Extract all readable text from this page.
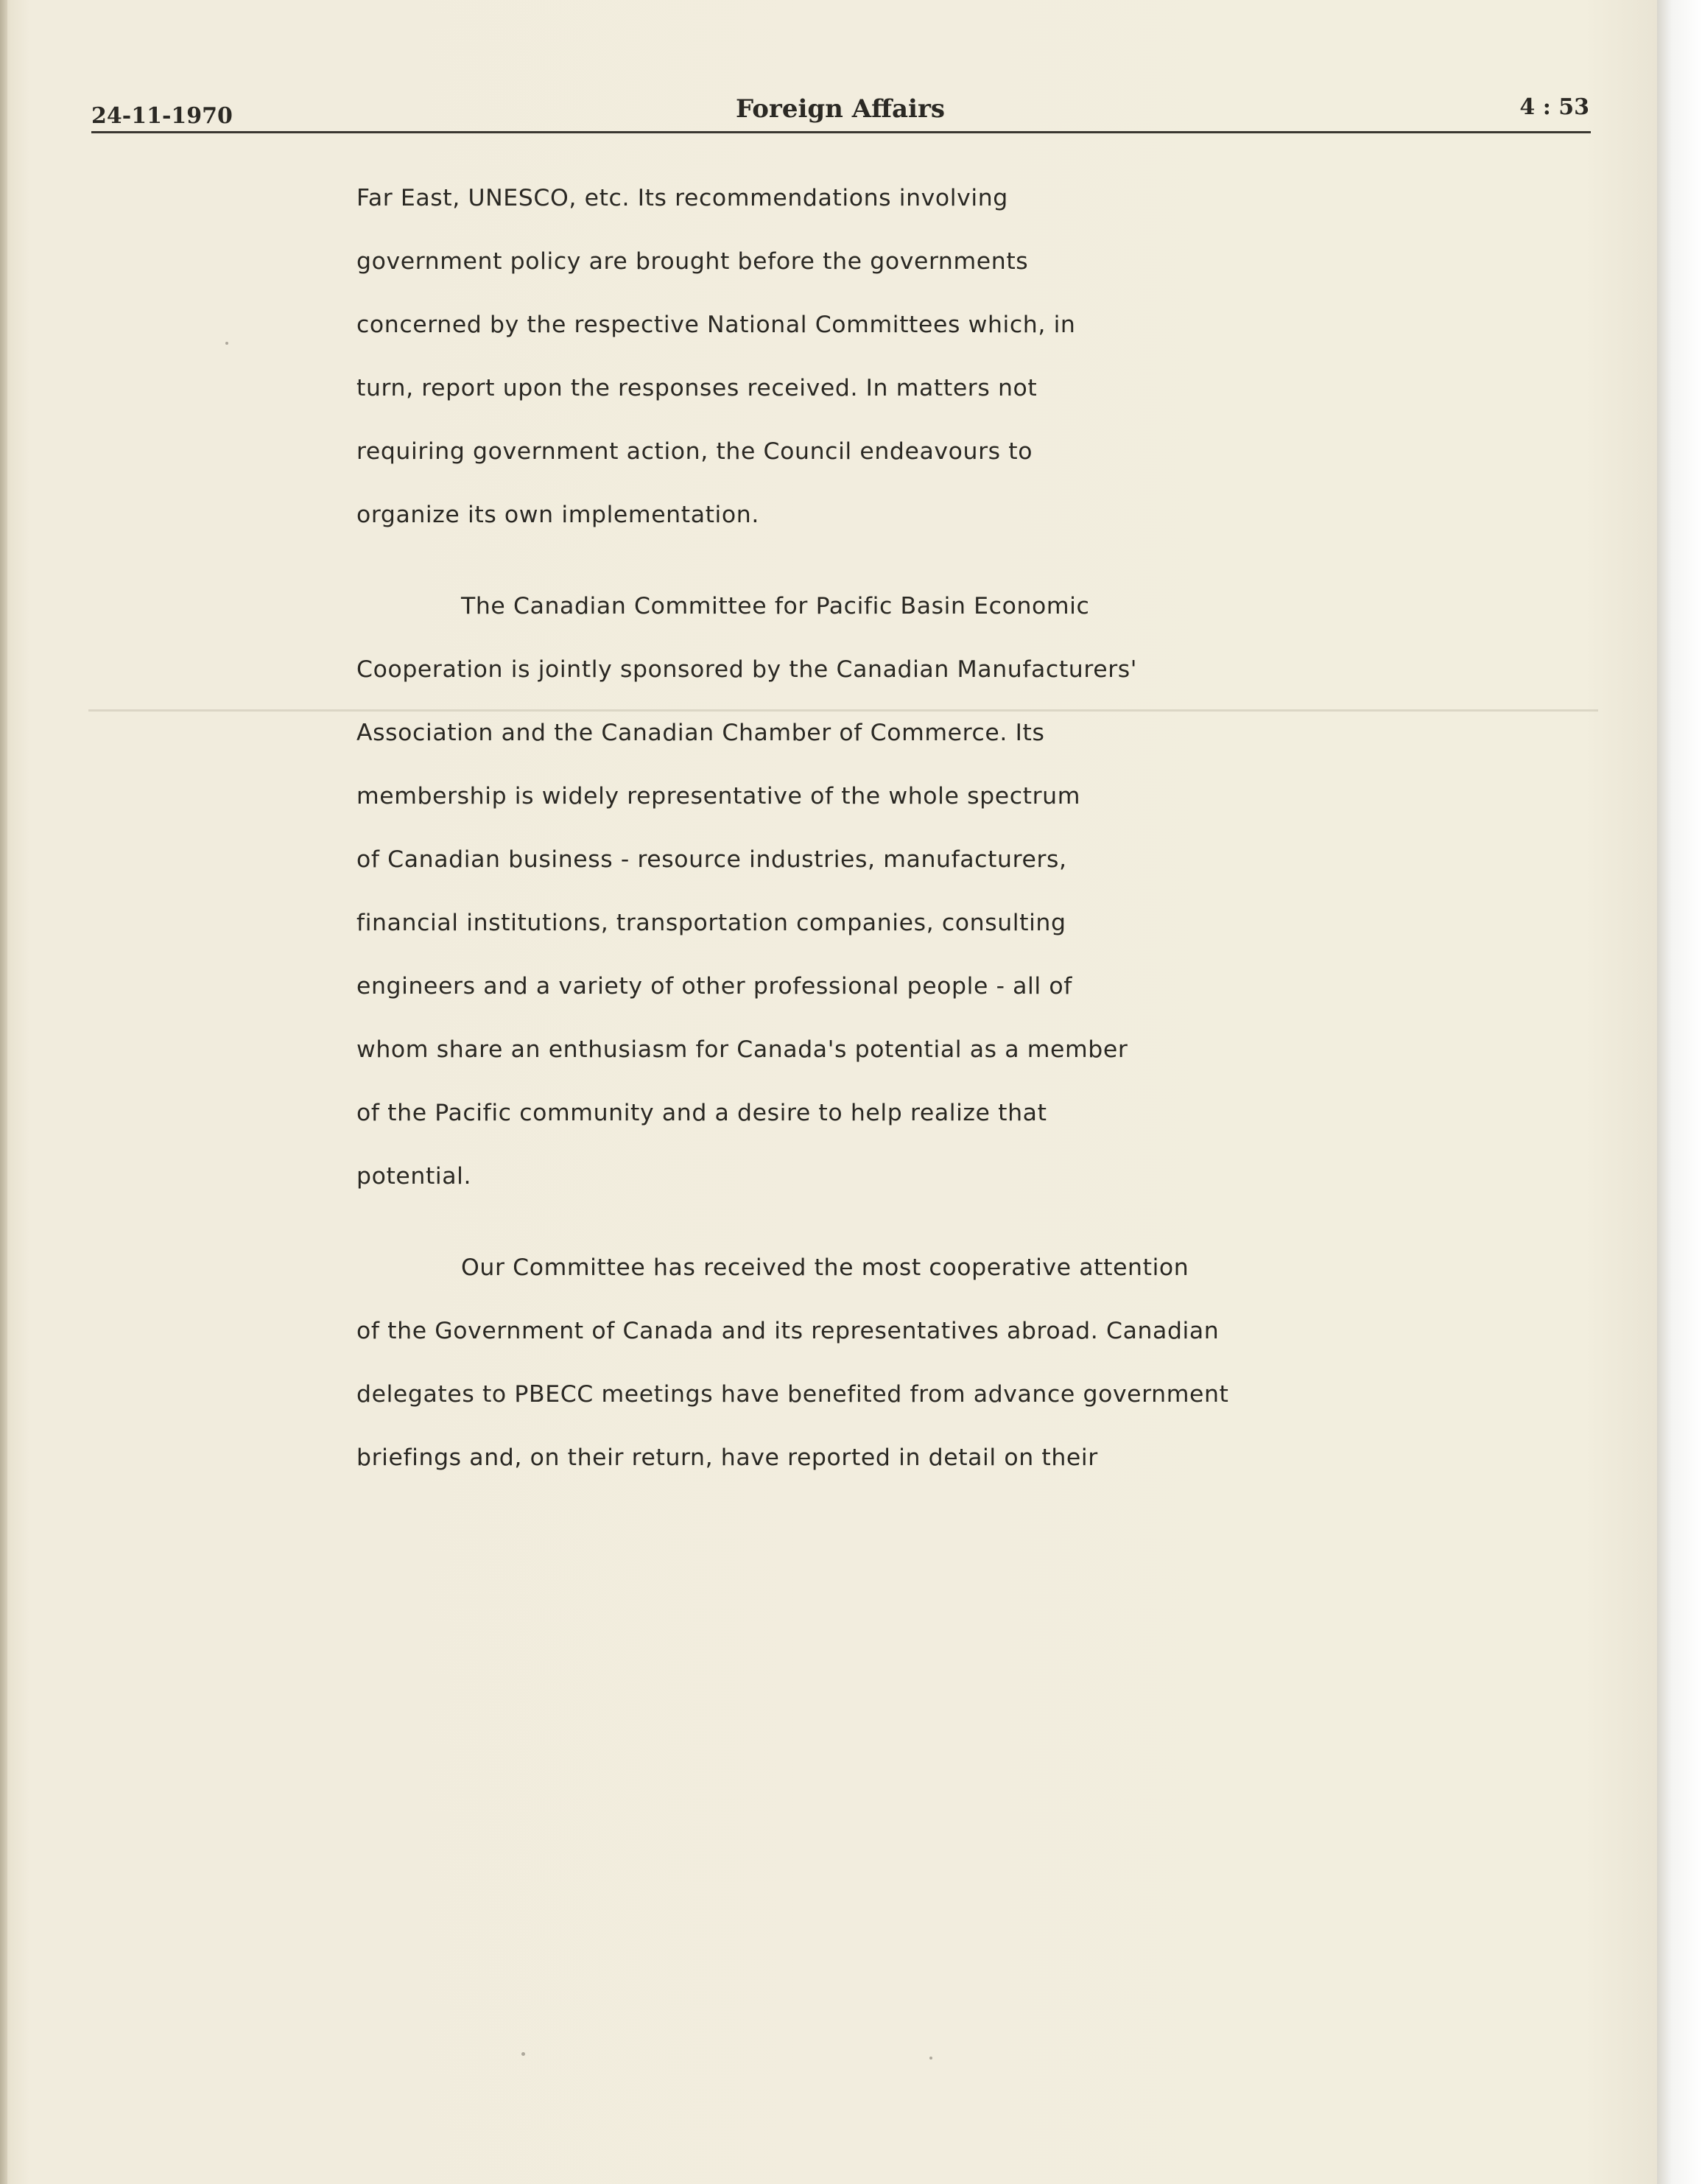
24-11-1970	Foreign Affairs	4 : 53
Far East, UNESCO, etc. Its recommendations involving
government policy are brought before the governments
concerned by the respective National Committees which, in
turn, report upon the responses received. In matters not
requiring government action, the Council endeavours to
organize its own implementation.
The Canadian Committee for Pacific Basin Economic
Cooperation is jointly sponsored by the Canadian Manufacturers'
Association and the Canadian Chamber of Commerce. Its
membership is widely representative of the whole spectrum
of Canadian business - resource industries, manufacturers,
financial institutions, transportation companies, consulting
engineers and a variety of other professional people - all of
whom share an enthusiasm for Canada's potential as a member
of the Pacific community and a desire to help realize that
potential.
Our Committee has received the most cooperative attention
of the Government of Canada and its representatives abroad. Canadian
delegates to PBECC meetings have benefited from advance government
briefings and, on their return, have reported in detail on their
